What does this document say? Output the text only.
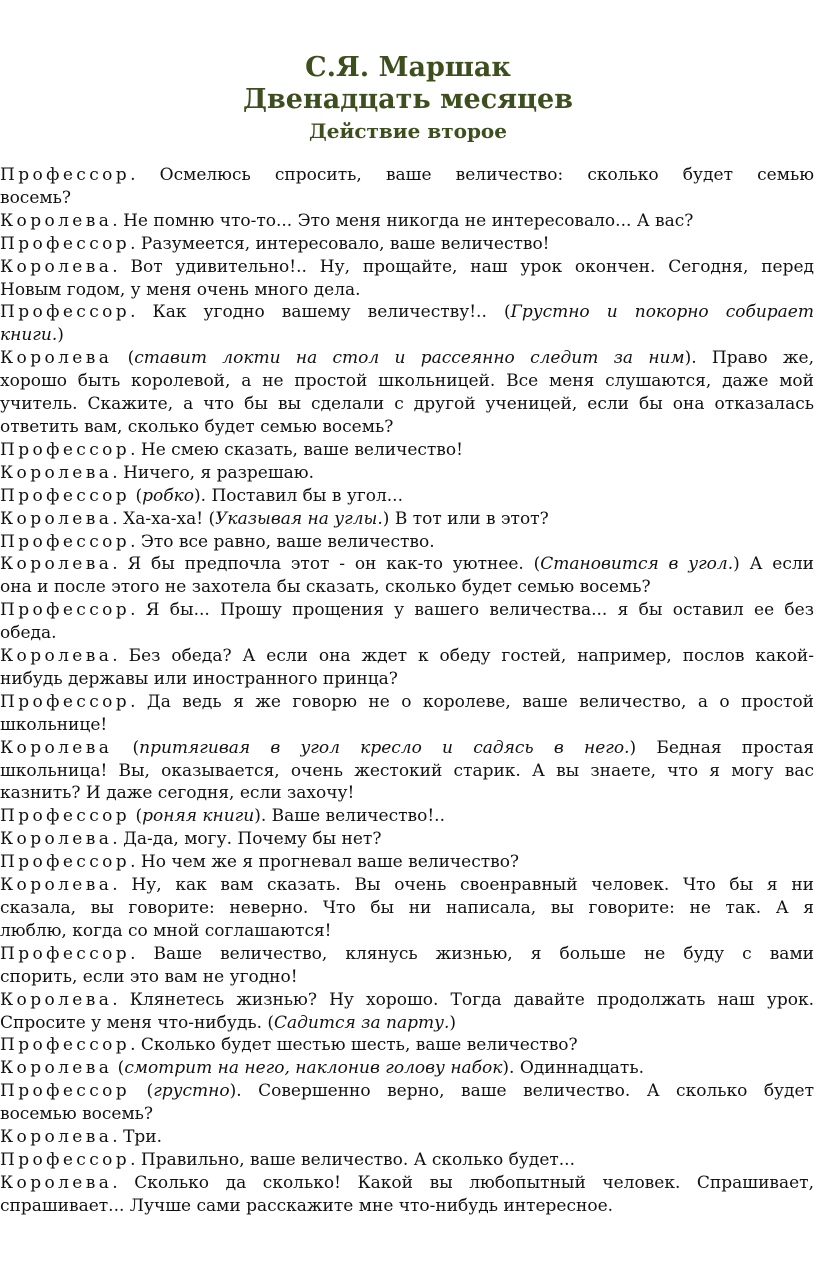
С.Я. Маршак
Двенадцать месяцев
Действие второе
Профессор. Осмелюсь спросить, ваше величество: сколько будет семью
восемь?
Королева. Не помню что-то... Это меня никогда не интересовало... А вас?
Профессор. Разумеется, интересовало, ваше величество!
Королева. Вот удивительно!.. Ну, прощайте, наш урок окончен. Сегодня, перед
Новым годом, у меня очень много дела.
Профессор. Как угодно вашему величеству!.. (Грустно и покорно собирает
книги.)
Королева (ставит локти на стол и рассеянно следит за ним). Право же,
хорошо быть королевой, а не простой школьницей. Все меня слушаются, даже мой
учитель. Скажите, а что бы вы сделали с другой ученицей, если бы она отказалась
ответить вам, сколько будет семью восемь?
Профессор. Не смею сказать, ваше величество!
Королева. Ничего, я разрешаю.
Профессор (робко). Поставил бы в угол...
Королева. Ха-ха-ха! (Указывая на углы.) В тот или в этот?
Профессор. Это все равно, ваше величество.
Королева. Я бы предпочла этот - он как-то уютнее. (Становится в угол.) А если
она и после этого не захотела бы сказать, сколько будет семью восемь?
Профессор. Я бы... Прошу прощения у вашего величества... я бы оставил ее без
обеда.
Королева. Без обеда? А если она ждет к обеду гостей, например, послов какой-
нибудь державы или иностранного принца?
Профессор. Да ведь я же говорю не о королеве, ваше величество, а о простой
школьнице!
Королева (притягивая в угол кресло и садясь в него.) Бедная простая
школьница! Вы, оказывается, очень жестокий старик. А вы знаете, что я могу вас
казнить? И даже сегодня, если захочу!
Профессор (роняя книги). Ваше величество!..
Королева. Да-да, могу. Почему бы нет?
Профессор. Но чем же я прогневал ваше величество?
Королева. Ну, как вам сказать. Вы очень своенравный человек. Что бы я ни
сказала, вы говорите: неверно. Что бы ни написала, вы говорите: не так. А я
люблю, когда со мной соглашаются!
Профессор. Ваше величество, клянусь жизнью, я больше не буду с вами
спорить, если это вам не угодно!
Королева. Клянетесь жизнью? Ну хорошо. Тогда давайте продолжать наш урок.
Спросите у меня что-нибудь. (Садится за парту.)
Профессор. Сколько будет шестью шесть, ваше величество?
Королева (смотрит на него, наклонив голову набок). Одиннадцать.
Профессор (грустно). Совершенно верно, ваше величество. А сколько будет
восемью восемь?
Королева. Три.
Профессор. Правильно, ваше величество. А сколько будет...
Королева. Сколько да сколько! Какой вы любопытный человек. Спрашивает,
спрашивает... Лучше сами расскажите мне что-нибудь интересное.
